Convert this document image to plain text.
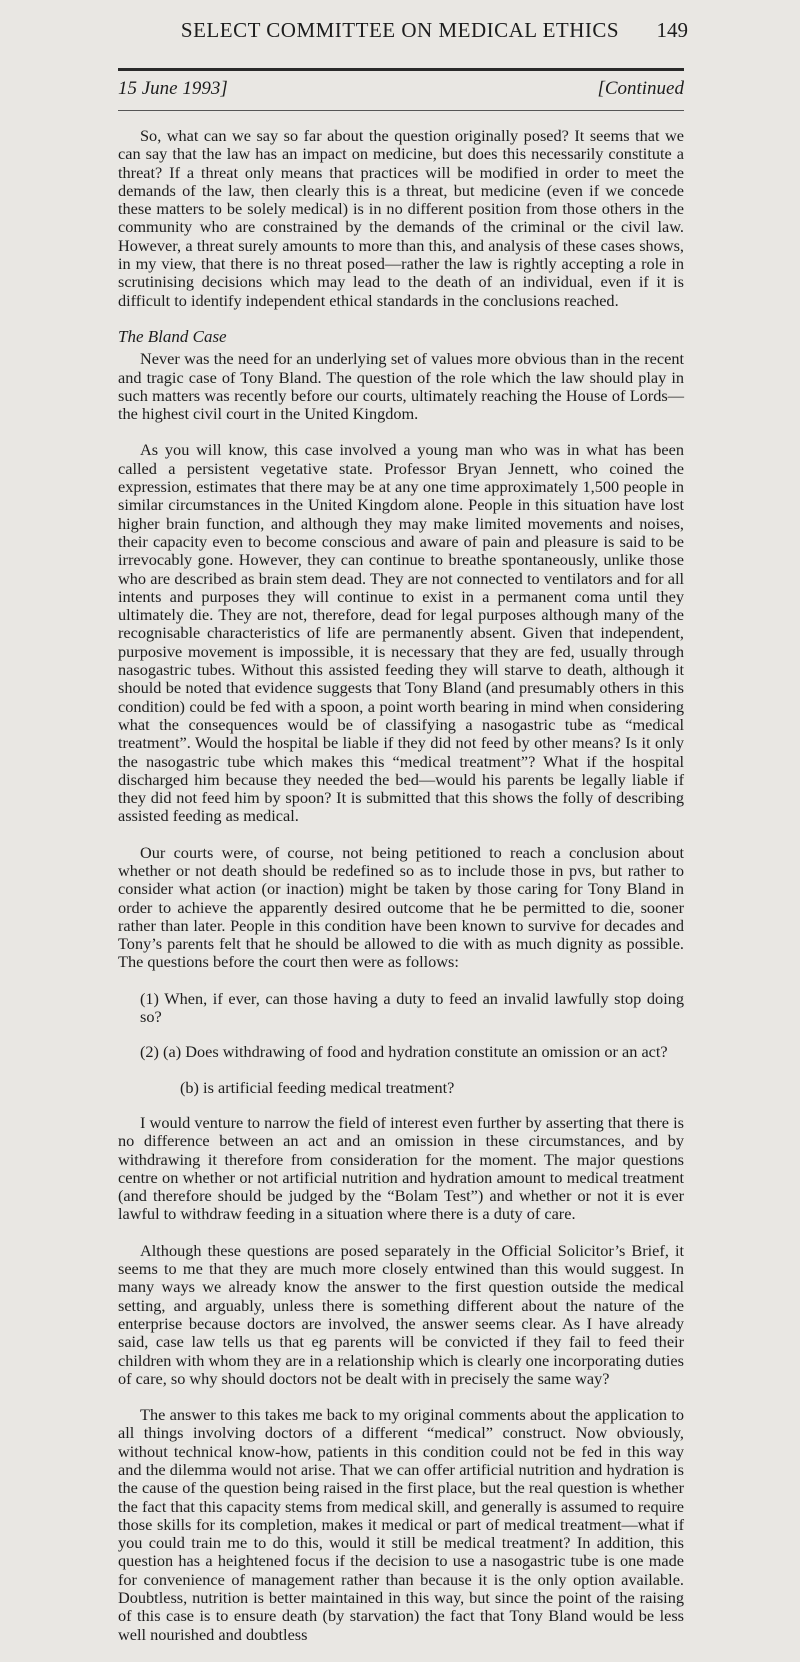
SELECT COMMITTEE ON MEDICAL ETHICS	149
15 June 1993]	[Continued

So, what can we say so far about the question originally posed? It seems that we can say that the law has an impact on medicine, but does this necessarily constitute a threat? If a threat only means that practices will be modified in order to meet the demands of the law, then clearly this is a threat, but medicine (even if we concede these matters to be solely medical) is in no different position from those others in the community who are constrained by the demands of the criminal or the civil law. However, a threat surely amounts to more than this, and analysis of these cases shows, in my view, that there is no threat posed—rather the law is rightly accepting a role in scrutinising decisions which may lead to the death of an individual, even if it is difficult to identify independent ethical standards in the conclusions reached.

The Bland Case

Never was the need for an underlying set of values more obvious than in the recent and tragic case of Tony Bland. The question of the role which the law should play in such matters was recently before our courts, ultimately reaching the House of Lords—the highest civil court in the United Kingdom.

As you will know, this case involved a young man who was in what has been called a persistent vegetative state. Professor Bryan Jennett, who coined the expression, estimates that there may be at any one time approximately 1,500 people in similar circumstances in the United Kingdom alone. People in this situation have lost higher brain function, and although they may make limited movements and noises, their capacity even to become conscious and aware of pain and pleasure is said to be irrevocably gone. However, they can continue to breathe spontaneously, unlike those who are described as brain stem dead. They are not connected to ventilators and for all intents and purposes they will continue to exist in a permanent coma until they ultimately die. They are not, therefore, dead for legal purposes although many of the recognisable characteristics of life are permanently absent. Given that independent, purposive movement is impossible, it is necessary that they are fed, usually through nasogastric tubes. Without this assisted feeding they will starve to death, although it should be noted that evidence suggests that Tony Bland (and presumably others in this condition) could be fed with a spoon, a point worth bearing in mind when considering what the consequences would be of classifying a nasogastric tube as “medical treatment”. Would the hospital be liable if they did not feed by other means? Is it only the nasogastric tube which makes this “medical treatment”? What if the hospital discharged him because they needed the bed—would his parents be legally liable if they did not feed him by spoon? It is submitted that this shows the folly of describing assisted feeding as medical.

Our courts were, of course, not being petitioned to reach a conclusion about whether or not death should be redefined so as to include those in pvs, but rather to consider what action (or inaction) might be taken by those caring for Tony Bland in order to achieve the apparently desired outcome that he be permitted to die, sooner rather than later. People in this condition have been known to survive for decades and Tony’s parents felt that he should be allowed to die with as much dignity as possible. The questions before the court then were as follows:

(1) When, if ever, can those having a duty to feed an invalid lawfully stop doing so?

(2) (a) Does withdrawing of food and hydration constitute an omission or an act?

(b) is artificial feeding medical treatment?

I would venture to narrow the field of interest even further by asserting that there is no difference between an act and an omission in these circumstances, and by withdrawing it therefore from consideration for the moment. The major questions centre on whether or not artificial nutrition and hydration amount to medical treatment (and therefore should be judged by the “Bolam Test”) and whether or not it is ever lawful to withdraw feeding in a situation where there is a duty of care.

Although these questions are posed separately in the Official Solicitor’s Brief, it seems to me that they are much more closely entwined than this would suggest. In many ways we already know the answer to the first question outside the medical setting, and arguably, unless there is something different about the nature of the enterprise because doctors are involved, the answer seems clear. As I have already said, case law tells us that eg parents will be convicted if they fail to feed their children with whom they are in a relationship which is clearly one incorporating duties of care, so why should doctors not be dealt with in precisely the same way?

The answer to this takes me back to my original comments about the application to all things involving doctors of a different “medical” construct. Now obviously, without technical know-how, patients in this condition could not be fed in this way and the dilemma would not arise. That we can offer artificial nutrition and hydration is the cause of the question being raised in the first place, but the real question is whether the fact that this capacity stems from medical skill, and generally is assumed to require those skills for its completion, makes it medical or part of medical treatment—what if you could train me to do this, would it still be medical treatment? In addition, this question has a heightened focus if the decision to use a nasogastric tube is one made for convenience of management rather than because it is the only option available. Doubtless, nutrition is better maintained in this way, but since the point of the raising of this case is to ensure death (by starvation) the fact that Tony Bland would be less well nourished and doubtless
